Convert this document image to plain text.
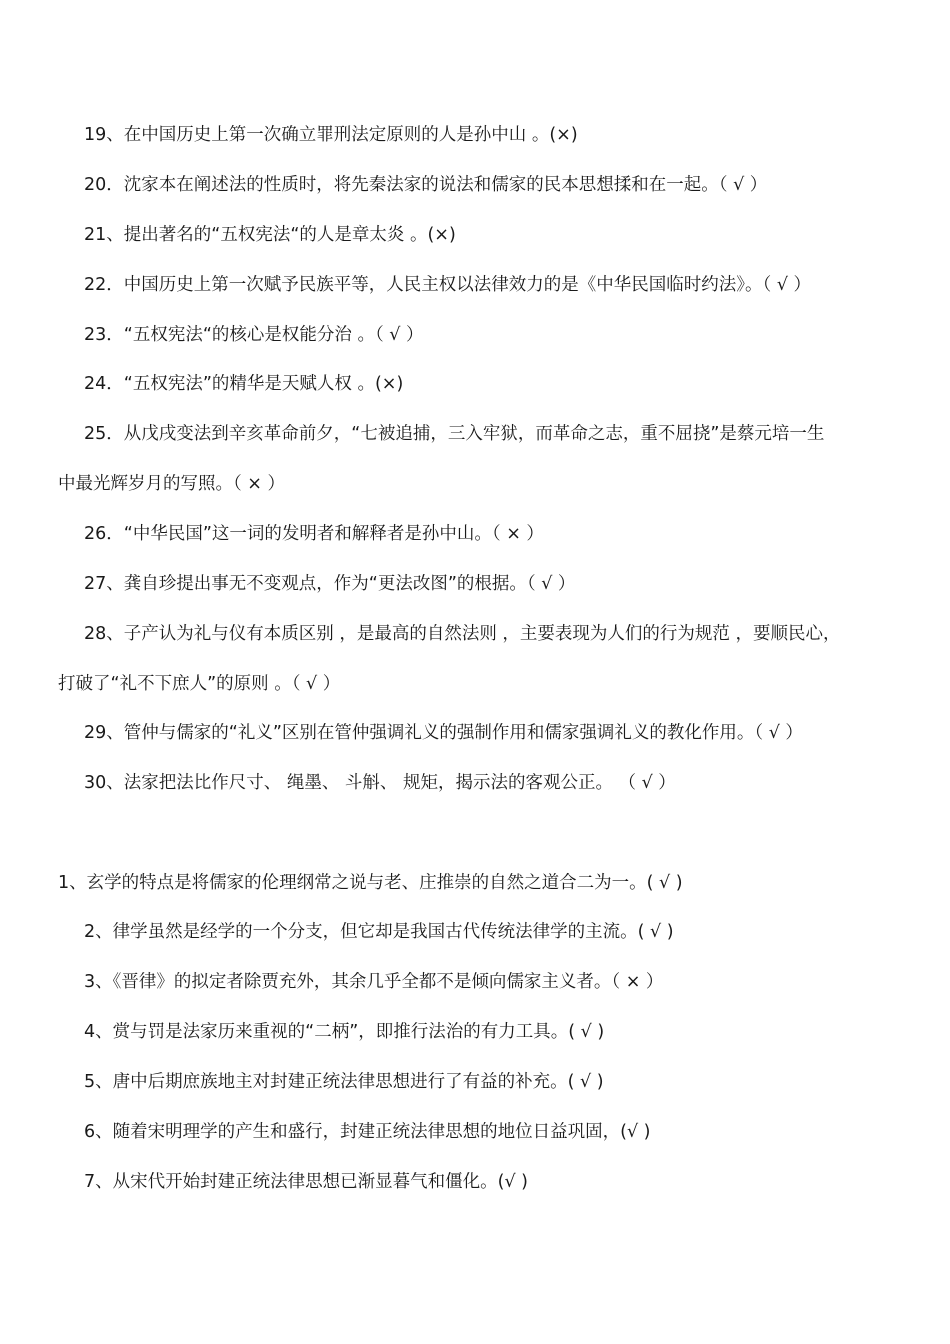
19、在中国历史上第一次确立罪刑法定原则的人是孙中山 。(×)
20．沈家本在阐述法的性质时，将先秦法家的说法和儒家的民本思想揉和在一起。（ √ ）
21、提出著名的“五权宪法“的人是章太炎 。(×)
22．中国历史上第一次赋予民族平等，人民主权以法律效力的是《中华民国临时约法》。（ √ ）
23．“五权宪法“的核心是权能分治 。（ √ ）
24．“五权宪法”的精华是天赋人权 。(×)
25．从戊戌变法到辛亥革命前夕，“七被追捕，三入牢狱，而革命之志，重不屈挠”是蔡元培一生
中最光辉岁月的写照。（ × ）
26．“中华民国”这一词的发明者和解释者是孙中山。（ × ）
27、龚自珍提出事无不变观点，作为“更法改图”的根据。（ √ ）
28、子产认为礼与仪有本质区别 ，是最高的自然法则 ，主要表现为人们的行为规范 ，要顺民心，
打破了“礼不下庶人”的原则 。（ √ ）
29、管仲与儒家的“礼义”区别在管仲强调礼义的强制作用和儒家强调礼义的教化作用。（ √ ）
30、法家把法比作尺寸、 绳墨、 斗斛、 规矩，揭示法的客观公正。 （ √ ）
1、玄学的特点是将儒家的伦理纲常之说与老、庄推崇的自然之道合二为一。( √ )
2、律学虽然是经学的一个分支，但它却是我国古代传统法律学的主流。( √ )
3、《晋律》的拟定者除贾充外，其余几乎全都不是倾向儒家主义者。（ × ）
4、赏与罚是法家历来重视的“二柄”，即推行法治的有力工具。( √ )
5、唐中后期庶族地主对封建正统法律思想进行了有益的补充。( √ )
6、随着宋明理学的产生和盛行，封建正统法律思想的地位日益巩固，(√ )
7、从宋代开始封建正统法律思想已渐显暮气和僵化。(√ )
